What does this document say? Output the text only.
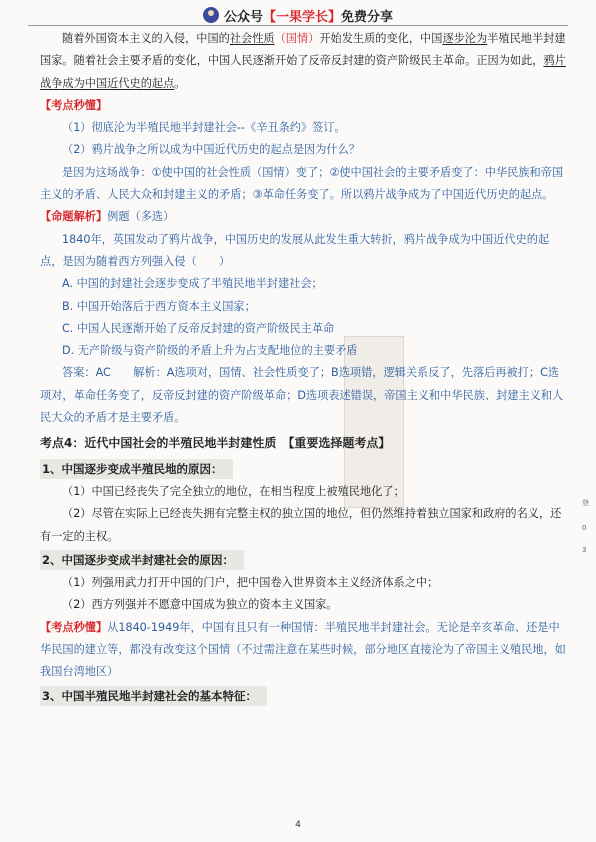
公众号 【一果学长】 免费分享

随着外国资本主义的入侵，中国的社会性质（国情）开始发生质的变化，中国逐步沦为半殖民地半封建国家。随着社会主要矛盾的变化，中国人民逐渐开始了反帝反封建的资产阶级民主革命。正因为如此，鸦片战争成为中国近代史的起点。

【考点秒懂】

（1）彻底沦为半殖民地半封建社会--《辛丑条约》签订。

（2）鸦片战争之所以成为中国近代历史的起点是因为什么？

是因为这场战争：①使中国的社会性质（国情）变了；②使中国社会的主要矛盾变了：中华民族和帝国主义的矛盾、人民大众和封建主义的矛盾；③革命任务变了。所以鸦片战争成为了中国近代历史的起点。

【命题解析】例题（多选）

1840年，英国发动了鸦片战争，中国历史的发展从此发生重大转折，鸦片战争成为中国近代史的起点，是因为随着西方列强入侵（　　）

A. 中国的封建社会逐步变成了半殖民地半封建社会；

B. 中国开始落后于西方资本主义国家；

C. 中国人民逐渐开始了反帝反封建的资产阶级民主革命

D. 无产阶级与资产阶级的矛盾上升为占支配地位的主要矛盾

答案：AC　　解析：A选项对，国情、社会性质变了；B选项错，逻辑关系反了，先落后再被打；C选项对，革命任务变了，反帝反封建的资产阶级革命；D选项表述错误，帝国主义和中华民族、封建主义和人民大众的矛盾才是主要矛盾。

考点4：近代中国社会的半殖民地半封建性质　【重要选择题考点】

1、中国逐步变成半殖民地的原因：

（1）中国已经丧失了完全独立的地位，在相当程度上被殖民地化了；

（2）尽管在实际上已经丧失拥有完整主权的独立国的地位，但仍然维持着独立国家和政府的名义，还有一定的主权。

2、中国逐步变成半封建社会的原因：

（1）列强用武力打开中国的门户，把中国卷入世界资本主义经济体系之中；

（2）西方列强并不愿意中国成为独立的资本主义国家。

【考点秒懂】从1840-1949年，中国有且只有一种国情：半殖民地半封建社会。无论是辛亥革命、还是中华民国的建立等，都没有改变这个国情（不过需注意在某些时候，部分地区直接沦为了帝国主义殖民地，如我国台湾地区）

3、中国半殖民地半封建社会的基本特征：

登
0
3
4
